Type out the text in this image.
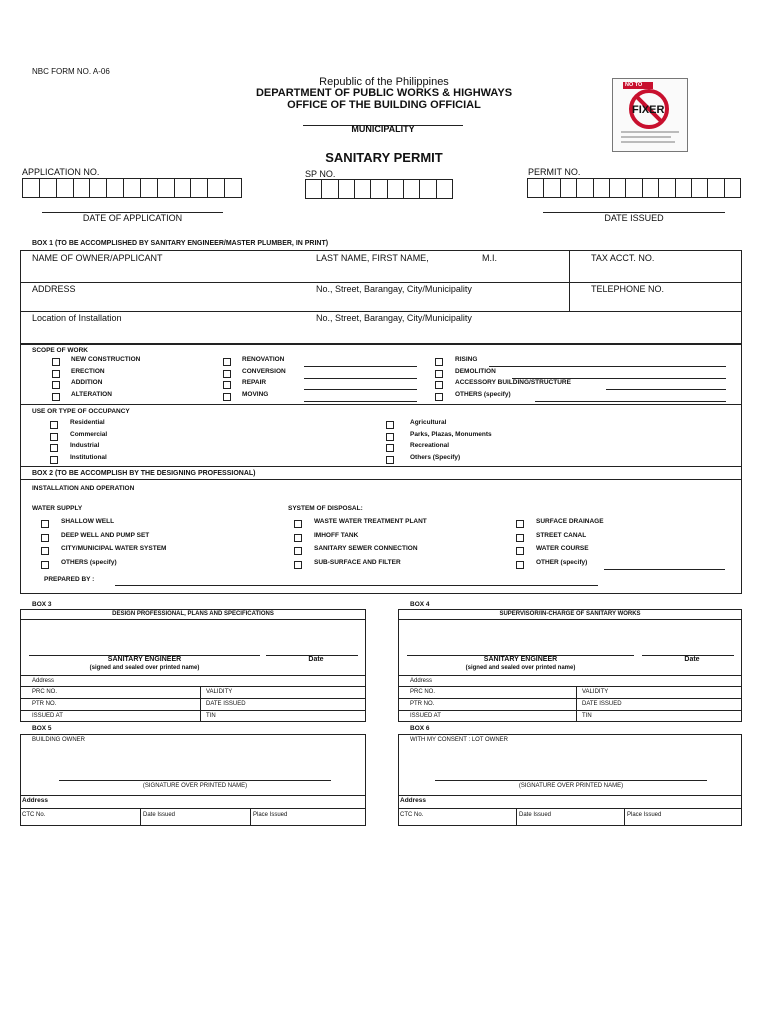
NBC FORM NO. A-06
Republic of the Philippines
DEPARTMENT OF PUBLIC WORKS & HIGHWAYS
OFFICE OF THE BUILDING OFFICIAL
MUNICIPALITY
SANITARY PERMIT
NO TO
FIXER
APPLICATION NO.	SP NO.	PERMIT NO.
DATE OF APPLICATION	DATE ISSUED
BOX 1 (TO BE ACCOMPLISHED BY SANITARY ENGINEER/MASTER PLUMBER, IN PRINT)
NAME OF OWNER/APPLICANT	LAST NAME, FIRST NAME,	M.I.	TAX ACCT. NO.
ADDRESS	No., Street, Barangay, City/Municipality	TELEPHONE NO.
Location of Installation	No., Street, Barangay, City/Municipality
SCOPE OF WORK
NEW CONSTRUCTION
ERECTION
ADDITION
ALTERATION
RENOVATION
CONVERSION
REPAIR
MOVING
RISING
DEMOLITION
ACCESSORY BUILDING/STRUCTURE
OTHERS (specify)
USE OR TYPE OF OCCUPANCY
Residential
Commercial
Industrial
Institutional
Agricultural
Parks, Plazas, Monuments
Recreational
Others (Specify)
BOX 2 (TO BE ACCOMPLISH BY THE DESIGNING PROFESSIONAL)
INSTALLATION AND OPERATION
WATER SUPPLY	SYSTEM OF DISPOSAL:
SHALLOW WELL
DEEP WELL AND PUMP SET
CITY/MUNICIPAL WATER SYSTEM
OTHERS (specify)
WASTE WATER TREATMENT PLANT
IMHOFF TANK
SANITARY SEWER CONNECTION
SUB-SURFACE AND FILTER
SURFACE DRAINAGE
STREET CANAL
WATER COURSE
OTHER (specify)
PREPARED BY :
BOX 3
DESIGN PROFESSIONAL, PLANS AND SPECIFICATIONS
SANITARY ENGINEER	Date
(signed and sealed over printed name)
Address
PRC NO.	VALIDITY
PTR NO.	DATE ISSUED
ISSUED AT	TIN
BOX 4
SUPERVISOR/IN-CHARGE OF SANITARY WORKS
SANITARY ENGINEER	Date
(signed and sealed over printed name)
Address
PRC NO.	VALIDITY
PTR NO.	DATE ISSUED
ISSUED AT	TIN
BOX 5
BUILDING OWNER
(SIGNATURE OVER PRINTED NAME)
Address
CTC No.	Date Issued	Place Issued
BOX 6
WITH MY CONSENT : LOT OWNER
(SIGNATURE OVER PRINTED NAME)
Address
CTC No.	Date Issued	Place Issued
